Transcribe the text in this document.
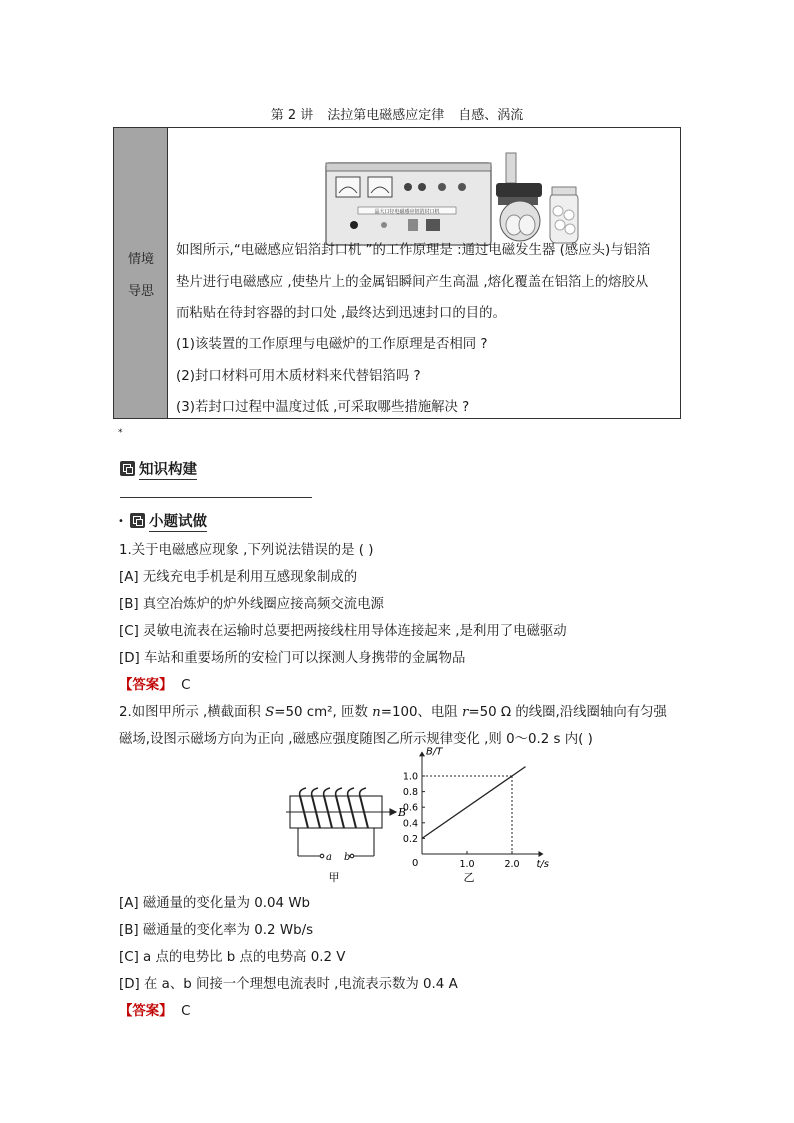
第 2 讲 法拉第电磁感应定律 自感、涡流
情境
导思
晶大口径电磁感应铝箔封口机
如图所示,“电磁感应铝箔封口机 ”的工作原理是 :通过电磁发生器 (感应头)与铝箔
垫片进行电磁感应 ,使垫片上的金属铝瞬间产生高温 ,熔化覆盖在铝箔上的熔胶从
而粘贴在待封容器的封口处 ,最终达到迅速封口的目的。
(1)该装置的工作原理与电磁炉的工作原理是否相同 ?
(2)封口材料可用木质材料来代替铝箔吗 ?
(3)若封口过程中温度过低 ,可采取哪些措施解决 ?
*
知识构建
•	小题试做
1.关于电磁感应现象 ,下列说法错误的是 ( )
[A] 无线充电手机是利用互感现象制成的
[B] 真空冶炼炉的炉外线圈应接高频交流电源
[C] 灵敏电流表在运输时总要把两接线柱用导体连接起来 ,是利用了电磁驱动
[D] 车站和重要场所的安检门可以探测人身携带的金属物品
【答案】 C
2.如图甲所示 ,横截面积 S=50 cm², 匝数 n=100、电阻 r=50 Ω 的线圈,沿线圈轴向有匀强
磁场,设图示磁场方向为正向 ,磁感应强度随图乙所示规律变化 ,则 0～0.2 s 内( )
B
a b
甲
B/T
t/s
0
0.2
0.4
0.6
0.8
1.0
1.0	2.0
乙
[A] 磁通量的变化量为 0.04 Wb
[B] 磁通量的变化率为 0.2 Wb/s
[C] a 点的电势比 b 点的电势高 0.2 V
[D] 在 a、b 间接一个理想电流表时 ,电流表示数为 0.4 A
【答案】 C
